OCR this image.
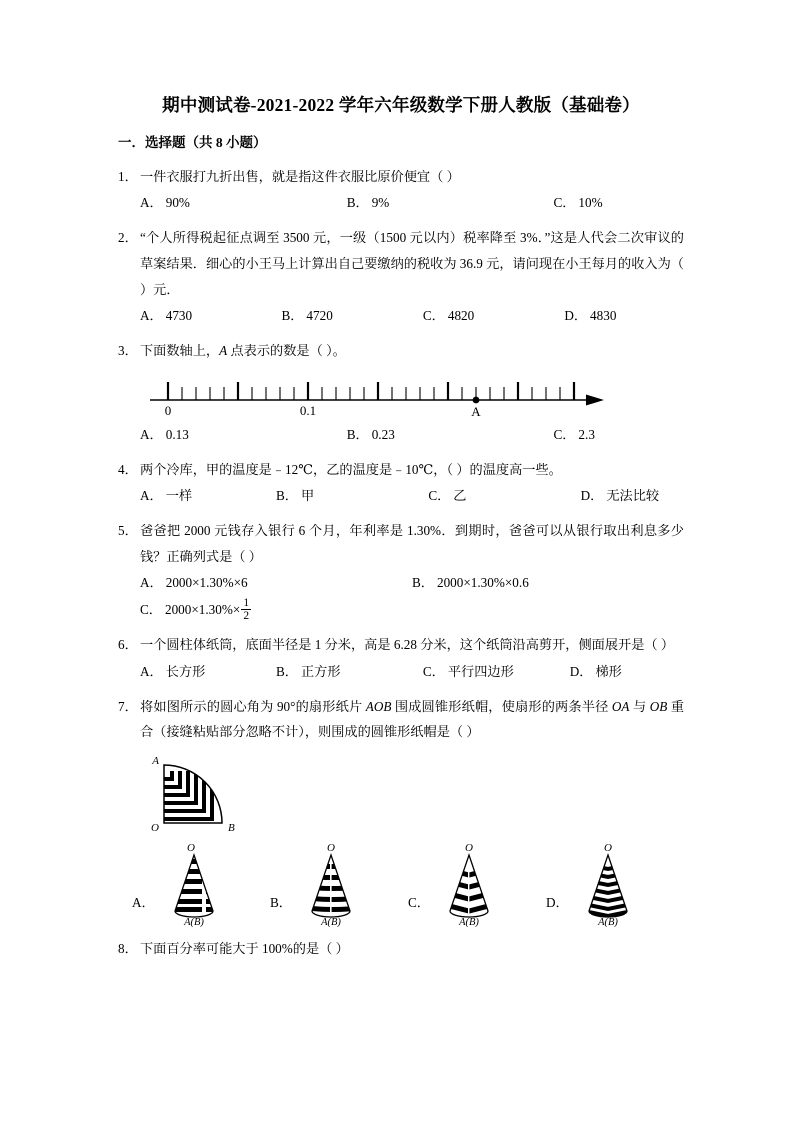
期中测试卷-2021-2022 学年六年级数学下册人教版（基础卷）
一．选择题（共 8 小题）
1． 一件衣服打九折出售，就是指这件衣服比原价便宜（ ）
A． 90%	B． 9%	C． 10%
2． “个人所得税起征点调至 3500 元，一级（1500 元以内）税率降至 3%．”这是人代会二次审议的草案结果．细心的小王马上计算出自己要缴纳的税收为 36.9 元，请问现在小王每月的收入为（ ）元．
A． 4730	B． 4720	C． 4820	D． 4830
3． 下面数轴上，A 点表示的数是（ ）。
0	0.1	A
A． 0.13	B． 0.23	C． 2.3
4． 两个冷库，甲的温度是﹣12℃，乙的温度是﹣10℃，（ ）的温度高一些。
A． 一样	B． 甲	C． 乙	D． 无法比较
5． 爸爸把 2000 元钱存入银行 6 个月，年利率是 1.30%．到期时，爸爸可以从银行取出利息多少钱？正确列式是（ ）
A． 2000×1.30%×6	B． 2000×1.30%×0.6
C． $2000\times 1.30\%\times \frac{1}{2}$
6． 一个圆柱体纸筒，底面半径是 1 分米，高是 6.28 分米，这个纸筒沿高剪开，侧面展开是（ ）
A． 长方形	B． 正方形	C． 平行四边形	D． 梯形
7． 将如图所示的圆心角为 90°的扇形纸片 AOB 围成圆锥形纸帽，使扇形的两条半径 OA 与 OB 重合（接缝粘贴部分忽略不计），则围成的圆锥形纸帽是（ ）
A
O	B
A．
O
A(B)
B．
O
A(B)
C．
O
A(B)
D．
O
A(B)
8． 下面百分率可能大于 100%的是（ ）
